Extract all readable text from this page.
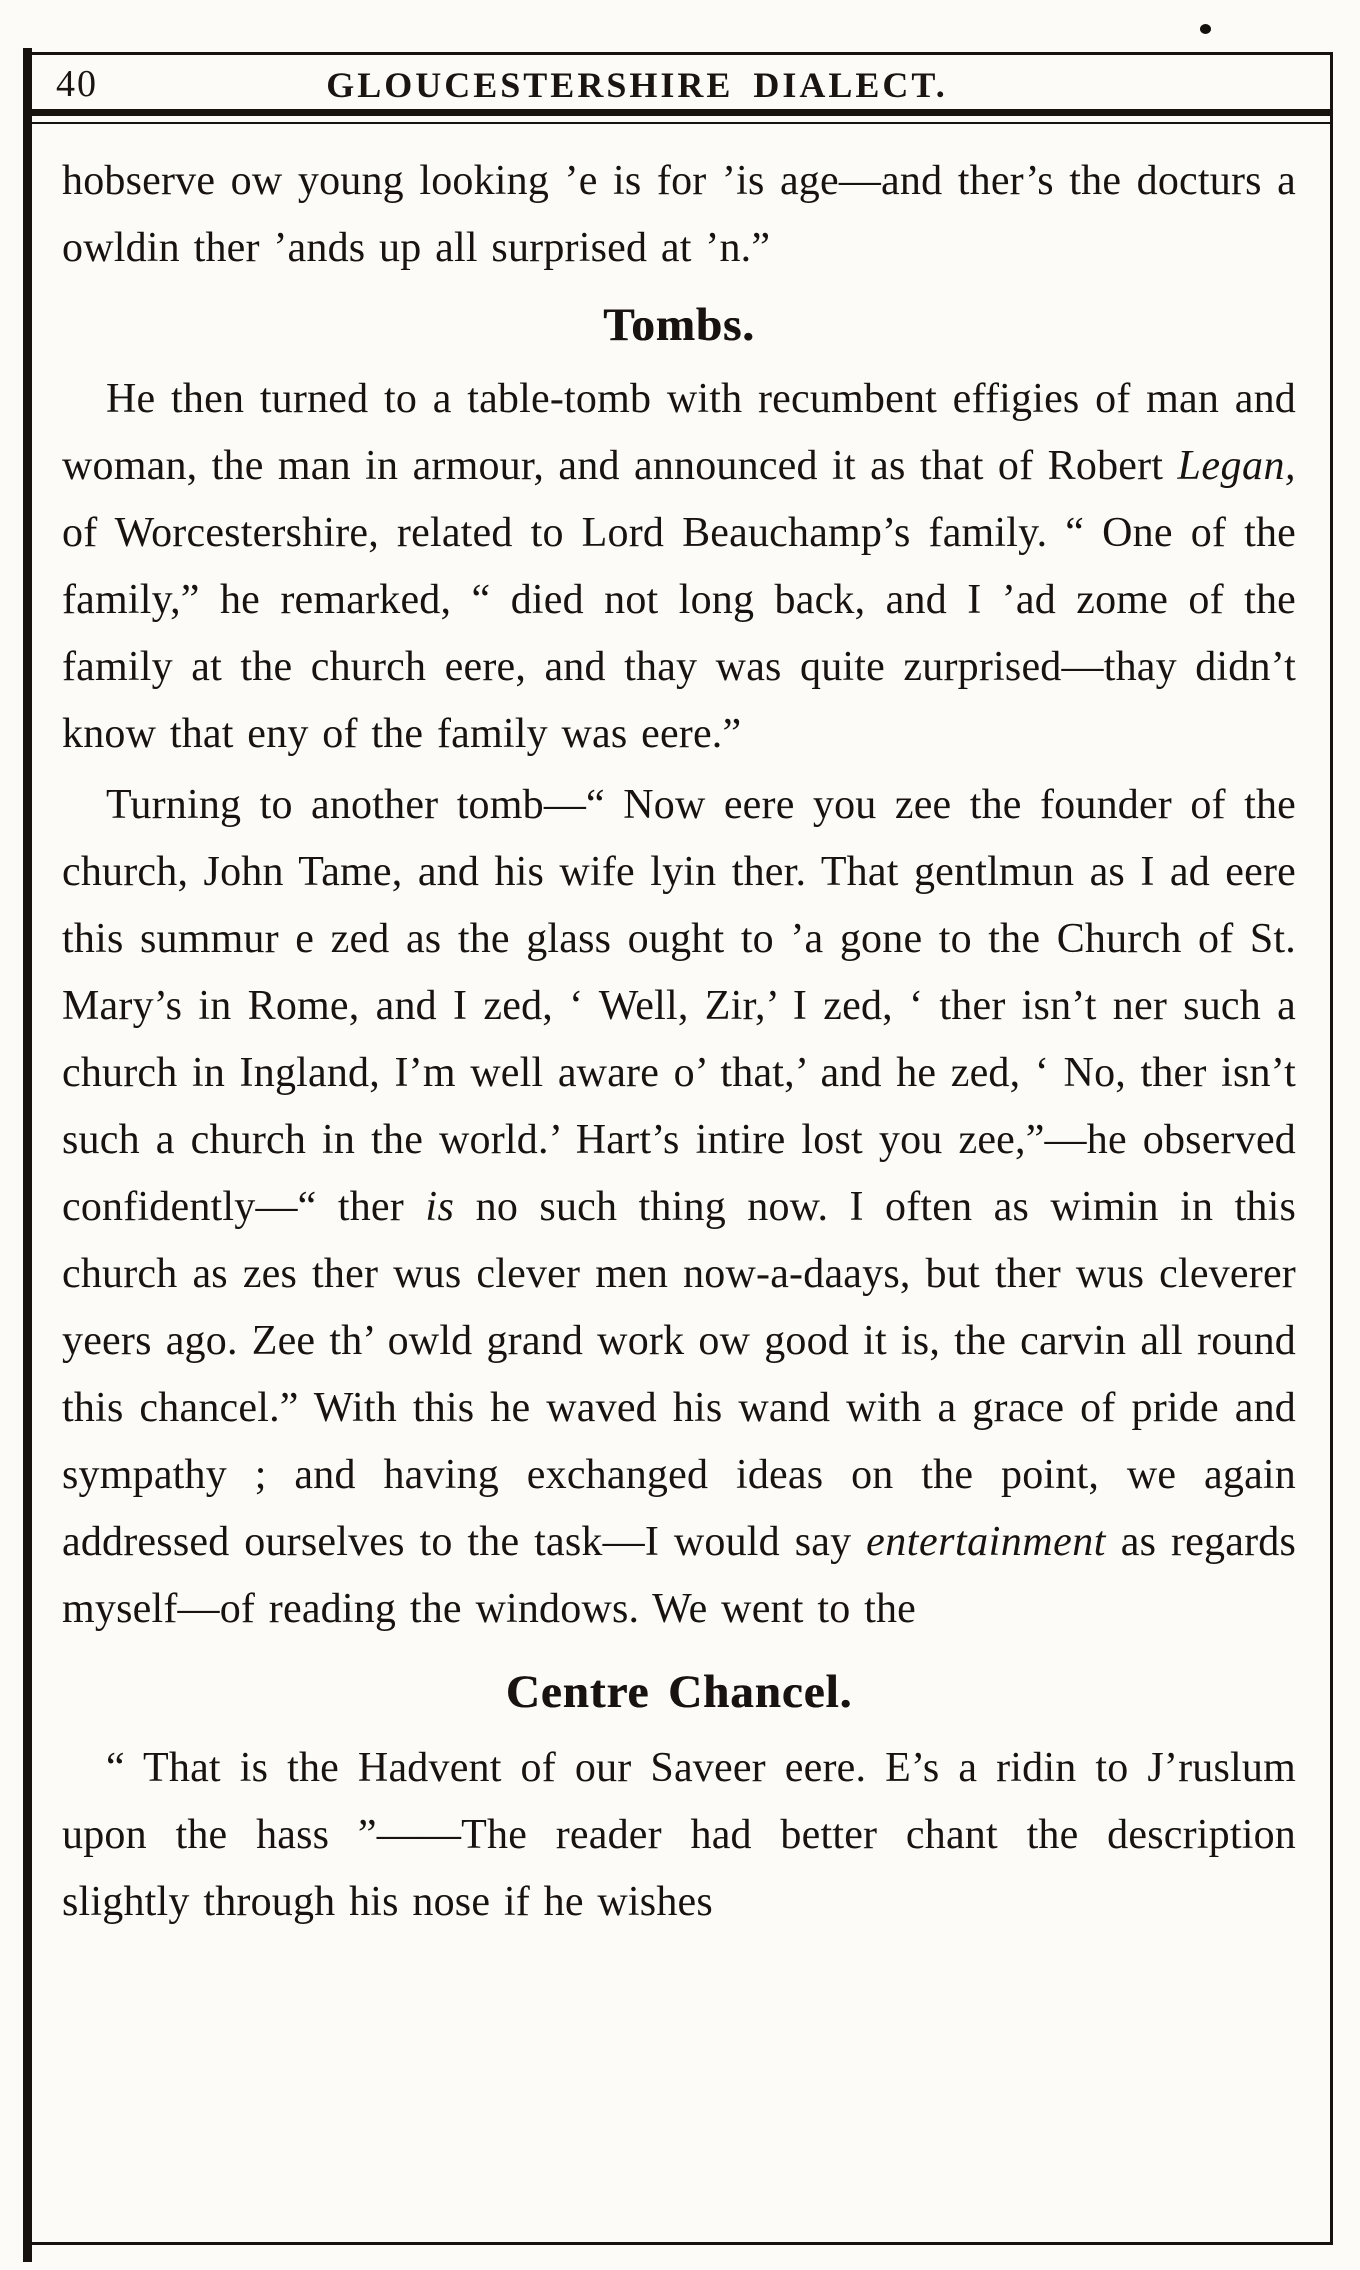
40	GLOUCESTERSHIRE DIALECT.

hobserve ow young looking ’e is for ’is age—and ther’s the docturs a owldin ther ’ands up all surprised at ’n.”

Tombs.

He then turned to a table-tomb with recumbent effigies of man and woman, the man in armour, and announced it as that of Robert Legan, of Worcestershire, related to Lord Beauchamp’s family. “ One of the family,” he remarked, “ died not long back, and I ’ad zome of the family at the church eere, and thay was quite zurprised—thay didn’t know that eny of the family was eere.”

Turning to another tomb—“ Now eere you zee the founder of the church, John Tame, and his wife lyin ther. That gentlmun as I ad eere this summur e zed as the glass ought to ’a gone to the Church of St. Mary’s in Rome, and I zed, ‘ Well, Zir,’ I zed, ‘ ther isn’t ner such a church in Ingland, I’m well aware o’ that,’ and he zed, ‘ No, ther isn’t such a church in the world.’ Hart’s intire lost you zee,”—he observed confidently—“ ther is no such thing now. I often as wimin in this church as zes ther wus clever men now-a-daays, but ther wus cleverer yeers ago. Zee th’ owld grand work ow good it is, the carvin all round this chancel.” With this he waved his wand with a grace of pride and sympathy ; and having exchanged ideas on the point, we again addressed ourselves to the task—I would say entertainment as regards myself—of reading the windows. We went to the

Centre Chancel.

“ That is the Hadvent of our Saveer eere. E’s a ridin to J’ruslum upon the hass ”——The reader had better chant the description slightly through his nose if he wishes
